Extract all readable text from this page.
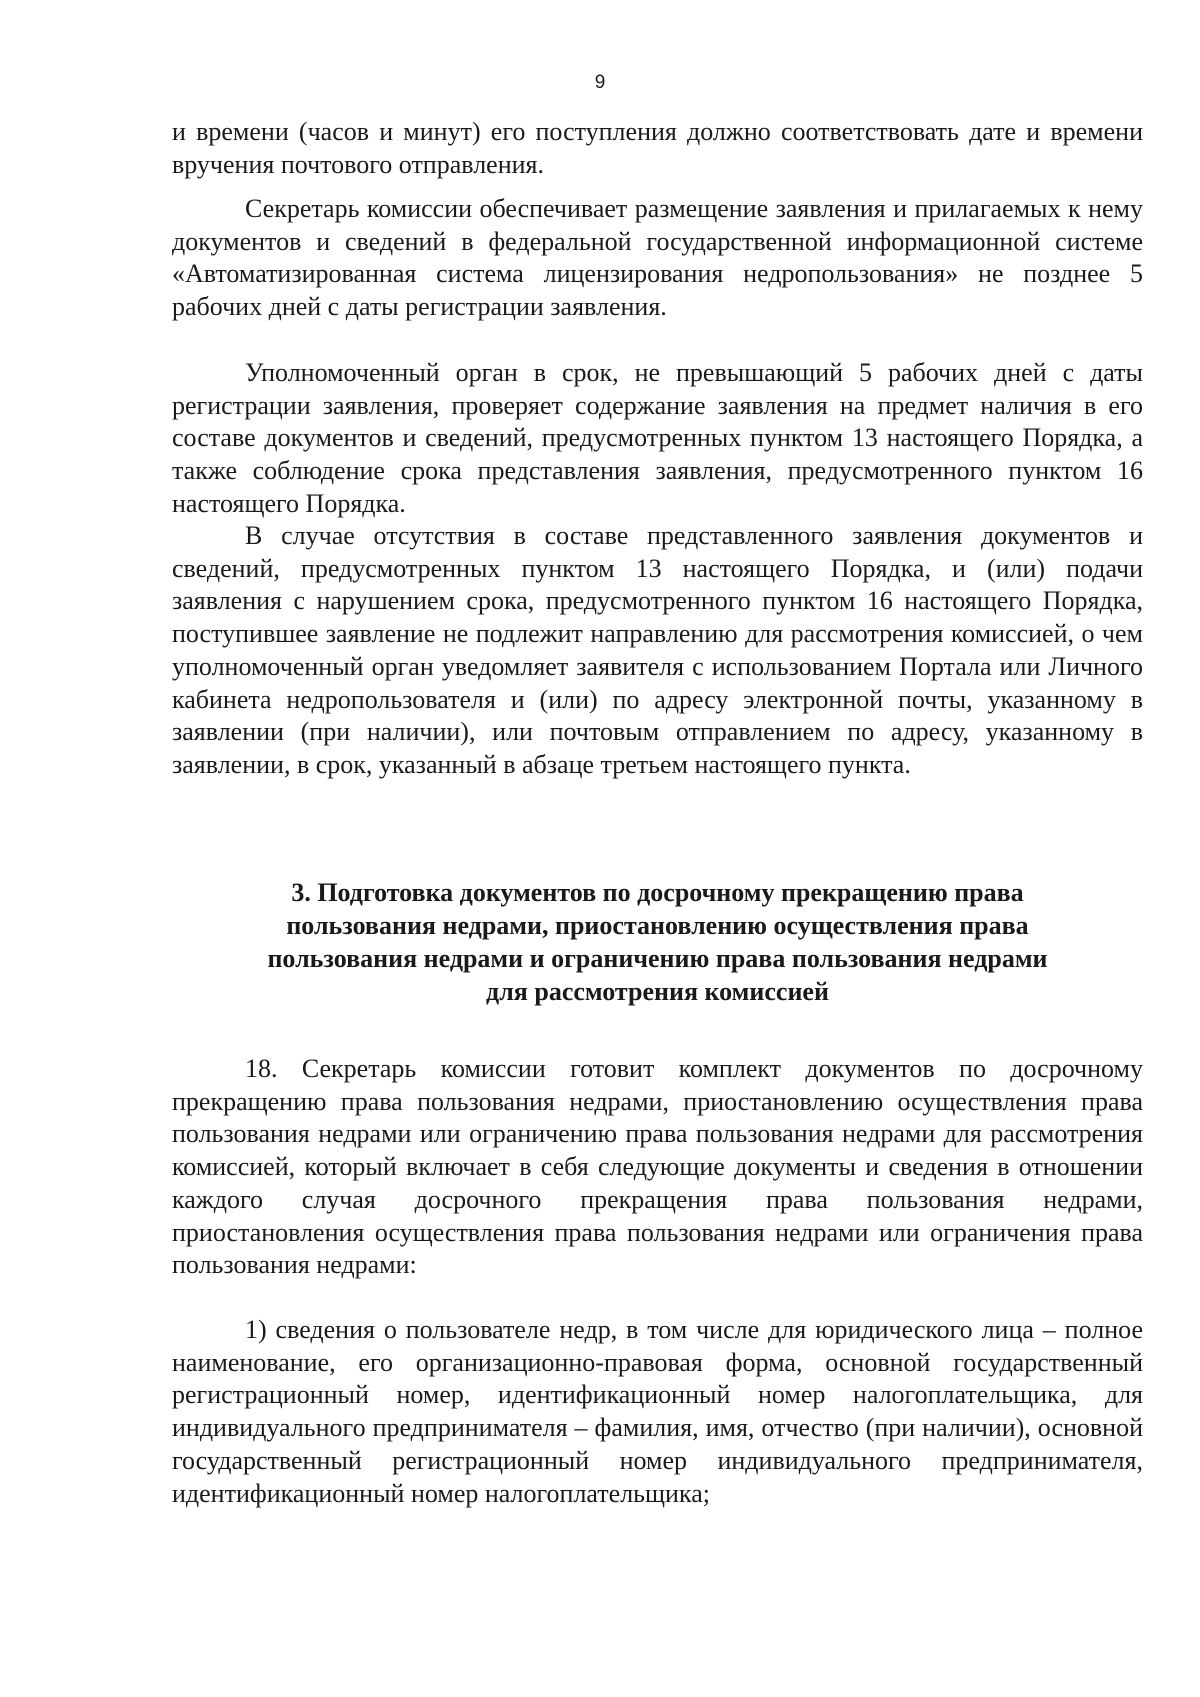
9

и времени (часов и минут) его поступления должно соответствовать дате и времени вручения почтового отправления.

Секретарь комиссии обеспечивает размещение заявления и прилагаемых к нему документов и сведений в федеральной государственной информационной системе «Автоматизированная система лицензирования недропользования» не позднее 5 рабочих дней с даты регистрации заявления.

Уполномоченный орган в срок, не превышающий 5 рабочих дней с даты регистрации заявления, проверяет содержание заявления на предмет наличия в его составе документов и сведений, предусмотренных пунктом 13 настоящего Порядка, а также соблюдение срока представления заявления, предусмотренного пунктом 16 настоящего Порядка.

В случае отсутствия в составе представленного заявления документов и сведений, предусмотренных пунктом 13 настоящего Порядка, и (или) подачи заявления с нарушением срока, предусмотренного пунктом 16 настоящего Порядка, поступившее заявление не подлежит направлению для рассмотрения комиссией, о чем уполномоченный орган уведомляет заявителя с использованием Портала или Личного кабинета недропользователя и (или) по адресу электронной почты, указанному в заявлении (при наличии), или почтовым отправлением по адресу, указанному в заявлении, в срок, указанный в абзаце третьем настоящего пункта.

3. Подготовка документов по досрочному прекращению права
пользования недрами, приостановлению осуществления права
пользования недрами и ограничению права пользования недрами
для рассмотрения комиссией

18. Секретарь комиссии готовит комплект документов по досрочному прекращению права пользования недрами, приостановлению осуществления права пользования недрами или ограничению права пользования недрами для рассмотрения комиссией, который включает в себя следующие документы и сведения в отношении каждого случая досрочного прекращения права пользования недрами, приостановления осуществления права пользования недрами или ограничения права пользования недрами:

1) сведения о пользователе недр, в том числе для юридического лица – полное наименование, его организационно-правовая форма, основной государственный регистрационный номер, идентификационный номер налогоплательщика, для индивидуального предпринимателя – фамилия, имя, отчество (при наличии), основной государственный регистрационный номер индивидуального предпринимателя, идентификационный номер налогоплательщика;
